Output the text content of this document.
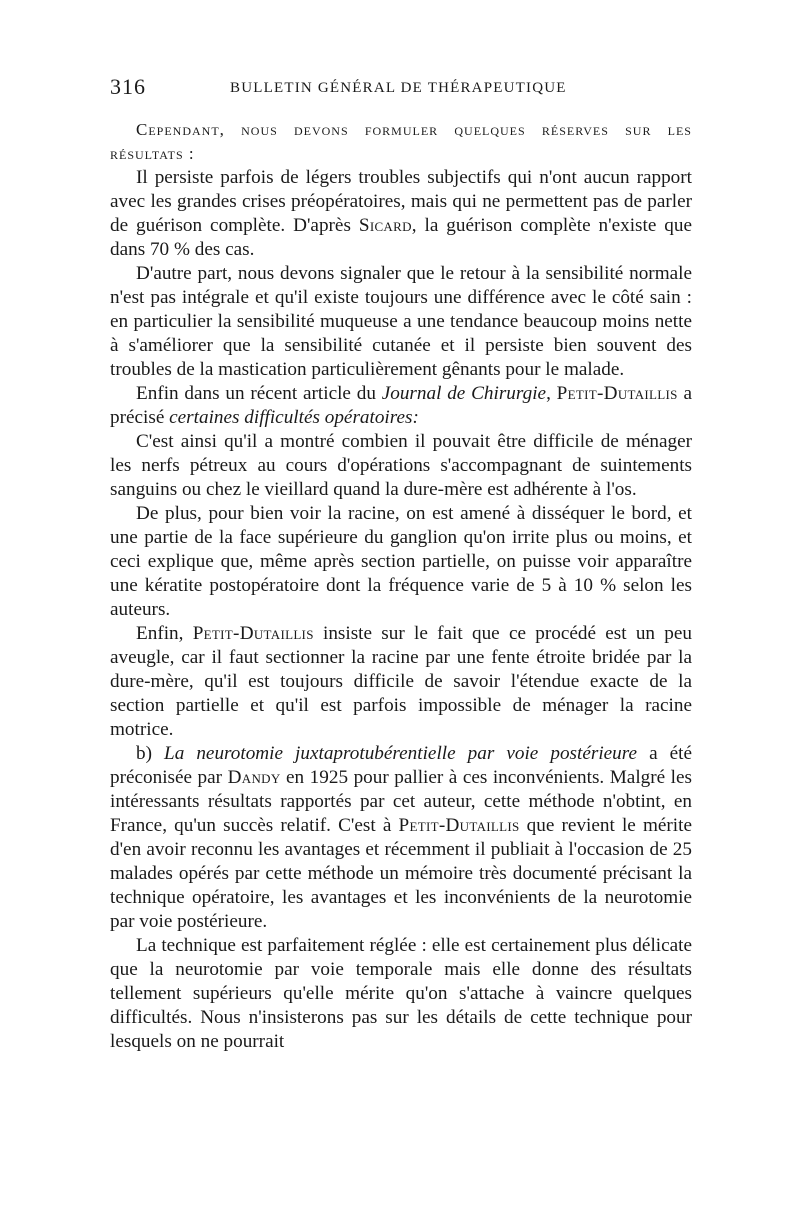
316	BULLETIN GÉNÉRAL DE THÉRAPEUTIQUE

Cependant, nous devons formuler quelques réserves sur les résultats :

Il persiste parfois de légers troubles subjectifs qui n'ont aucun rapport avec les grandes crises préopératoires, mais qui ne permettent pas de parler de guérison complète. D'après Sicard, la guérison complète n'existe que dans 70 % des cas.

D'autre part, nous devons signaler que le retour à la sensibilité normale n'est pas intégrale et qu'il existe toujours une différence avec le côté sain : en particulier la sensibilité muqueuse a une tendance beaucoup moins nette à s'améliorer que la sensibilité cutanée et il persiste bien souvent des troubles de la mastication particulièrement gênants pour le malade.

Enfin dans un récent article du Journal de Chirurgie, Petit-Dutaillis a précisé certaines difficultés opératoires:

C'est ainsi qu'il a montré combien il pouvait être difficile de ménager les nerfs pétreux au cours d'opérations s'accompagnant de suintements sanguins ou chez le vieillard quand la dure-mère est adhérente à l'os.

De plus, pour bien voir la racine, on est amené à disséquer le bord, et une partie de la face supérieure du ganglion qu'on irrite plus ou moins, et ceci explique que, même après section partielle, on puisse voir apparaître une kératite postopératoire dont la fréquence varie de 5 à 10 % selon les auteurs.

Enfin, Petit-Dutaillis insiste sur le fait que ce procédé est un peu aveugle, car il faut sectionner la racine par une fente étroite bridée par la dure-mère, qu'il est toujours difficile de savoir l'étendue exacte de la section partielle et qu'il est parfois impossible de ménager la racine motrice.

b) La neurotomie juxtaprotubérentielle par voie postérieure a été préconisée par Dandy en 1925 pour pallier à ces inconvénients. Malgré les intéressants résultats rapportés par cet auteur, cette méthode n'obtint, en France, qu'un succès relatif. C'est à Petit-Dutaillis que revient le mérite d'en avoir reconnu les avantages et récemment il publiait à l'occasion de 25 malades opérés par cette méthode un mémoire très documenté précisant la technique opératoire, les avantages et les inconvénients de la neurotomie par voie postérieure.

La technique est parfaitement réglée : elle est certainement plus délicate que la neurotomie par voie temporale mais elle donne des résultats tellement supérieurs qu'elle mérite qu'on s'attache à vaincre quelques difficultés. Nous n'insisterons pas sur les détails de cette technique pour lesquels on ne pourrait
